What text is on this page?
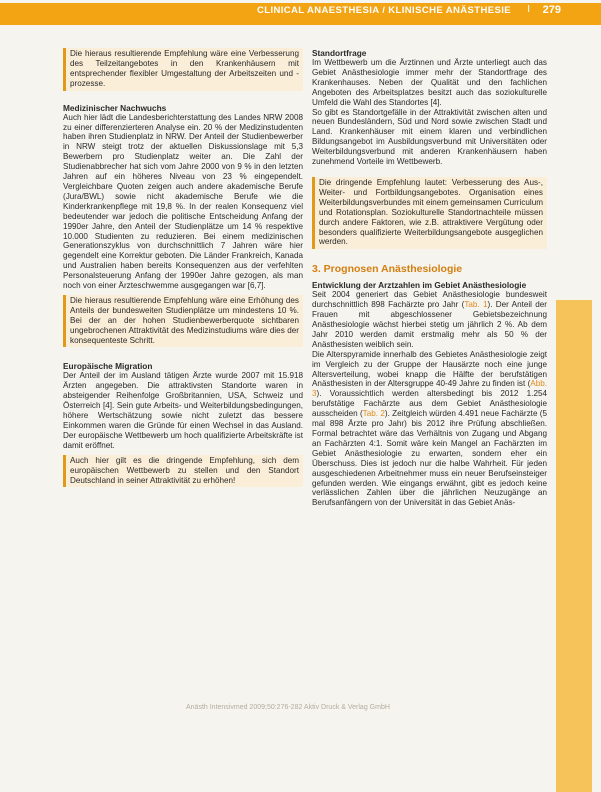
CLINICAL ANAESTHESIA / KLINISCHE ANÄSTHESIE I 279

Die hieraus resultierende Empfehlung wäre eine Verbesserung des Teilzeitangebotes in den Krankenhäusern mit entsprechender flexibler Umgestaltung der Arbeitszeiten und -prozesse.

Medizinischer Nachwuchs

Auch hier lädt die Landesberichterstattung des Landes NRW 2008 zu einer differenzierteren Analyse ein. 20 % der Medizinstudenten haben ihren Studienplatz in NRW. Der Anteil der Studienbewerber in NRW steigt trotz der aktuellen Diskussionslage mit 5,3 Bewerbern pro Studienplatz weiter an. Die Zahl der Studienabbrecher hat sich vom Jahre 2000 von 9 % in den letzten Jahren auf ein höheres Niveau von 23 % eingependelt. Vergleichbare Quoten zeigen auch andere akademische Berufe (Jura/BWL) sowie nicht akademische Berufe wie die Kinderkrankenpflege mit 19,8 %. In der realen Konsequenz viel bedeutender war jedoch die politische Entscheidung Anfang der 1990er Jahre, den Anteil der Studienplätze um 14 % respektive 10.000 Studienten zu reduzieren. Bei einem medizinischen Generationszyklus von durchschnittlich 7 Jahren wäre hier gegendelt eine Korrektur geboten. Die Länder Frankreich, Kanada und Australien haben bereits Konsequenzen aus der verfehlten Personalsteuerung Anfang der 1990er Jahre gezogen, als man noch von einer Ärzteschwemme ausgegangen war [6,7].

Die hieraus resultierende Empfehlung wäre eine Erhöhung des Anteils der bundesweiten Studienplätze um mindestens 10 %. Bei der an der hohen Studienbewerberquote sichtbaren ungebrochenen Attraktivität des Medizinstudiums wäre dies der konsequenteste Schritt.

Europäische Migration

Der Anteil der im Ausland tätigen Ärzte wurde 2007 mit 15.918 Ärzten angegeben. Die attraktivsten Standorte waren in absteigender Reihenfolge Großbritannien, USA, Schweiz und Österreich [4]. Sein gute Arbeits- und Weiterbildungsbedingungen, höhere Wertschätzung sowie nicht zuletzt das bessere Einkommen waren die Gründe für einen Wechsel in das Ausland. Der europäische Wettbewerb um hoch qualifizierte Arbeitskräfte ist damit eröffnet.

Auch hier gilt es die dringende Empfehlung, sich dem europäischen Wettbewerb zu stellen und den Standort Deutschland in seiner Attraktivität zu erhöhen!

Standortfrage

Im Wettbewerb um die Ärztinnen und Ärzte unterliegt auch das Gebiet Anästhesiologie immer mehr der Standortfrage des Krankenhauses. Neben der Qualität und den fachlichen Angeboten des Arbeitsplatzes besitzt auch das soziokulturelle Umfeld die Wahl des Standortes [4].

So gibt es Standortgefälle in der Attraktivität zwischen alten und neuen Bundesländern, Süd und Nord sowie zwischen Stadt und Land. Krankenhäuser mit einem klaren und verbindlichen Bildungsangebot im Ausbildungsverbund mit Universitäten oder Weiterbildungsverbund mit anderen Krankenhäusern haben zunehmend Vorteile im Wettbewerb.

Die dringende Empfehlung lautet: Verbesserung des Aus-, Weiter- und Fortbildungsangebotes. Organisation eines Weiterbildungsverbundes mit einem gemeinsamen Curriculum und Rotationsplan. Soziokulturelle Standortnachteile müssen durch andere Faktoren, wie z.B. attraktivere Vergütung oder besonders qualifizierte Weiterbildungsangebote ausgeglichen werden.

3. Prognosen Anästhesiologie

Entwicklung der Arztzahlen im Gebiet Anästhesiologie

Seit 2004 generiert das Gebiet Anästhesiologie bundesweit durchschnittlich 898 Fachärzte pro Jahr (Tab. 1). Der Anteil der Frauen mit abgeschlossener Gebietsbezeichnung Anästhesiologie wächst hierbei stetig um jährlich 2 %. Ab dem Jahr 2010 werden damit erstmalig mehr als 50 % der Anästhesisten weiblich sein.

Die Alterspyramide innerhalb des Gebietes Anästhesiologie zeigt im Vergleich zu der Gruppe der Hausärzte noch eine junge Altersverteilung, wobei knapp die Hälfte der berufstätigen Anästhesisten in der Altersgruppe 40-49 Jahre zu finden ist (Abb. 3). Voraussichtlich werden altersbedingt bis 2012 1.254 berufstätige Fachärzte aus dem Gebiet Anästhesiologie ausscheiden (Tab. 2). Zeitgleich würden 4.491 neue Fachärzte (5 mal 898 Ärzte pro Jahr) bis 2012 ihre Prüfung abschließen. Formal betrachtet wäre das Verhältnis von Zugang und Abgang an Fachärzten 4:1. Somit wäre kein Mangel an Fachärzten im Gebiet Anästhesiologie zu erwarten, sondern eher ein Überschuss. Dies ist jedoch nur die halbe Wahrheit. Für jeden ausgeschiedenen Arbeitnehmer muss ein neuer Berufseinsteiger gefunden werden. Wie eingangs erwähnt, gibt es jedoch keine verlässlichen Zahlen über die jährlichen Neuzugänge an Berufsanfängern von der Universität in das Gebiet Anäs-

Anästh Intensivmed 2009;50:276-282 Aktiv Druck & Verlag GmbH
